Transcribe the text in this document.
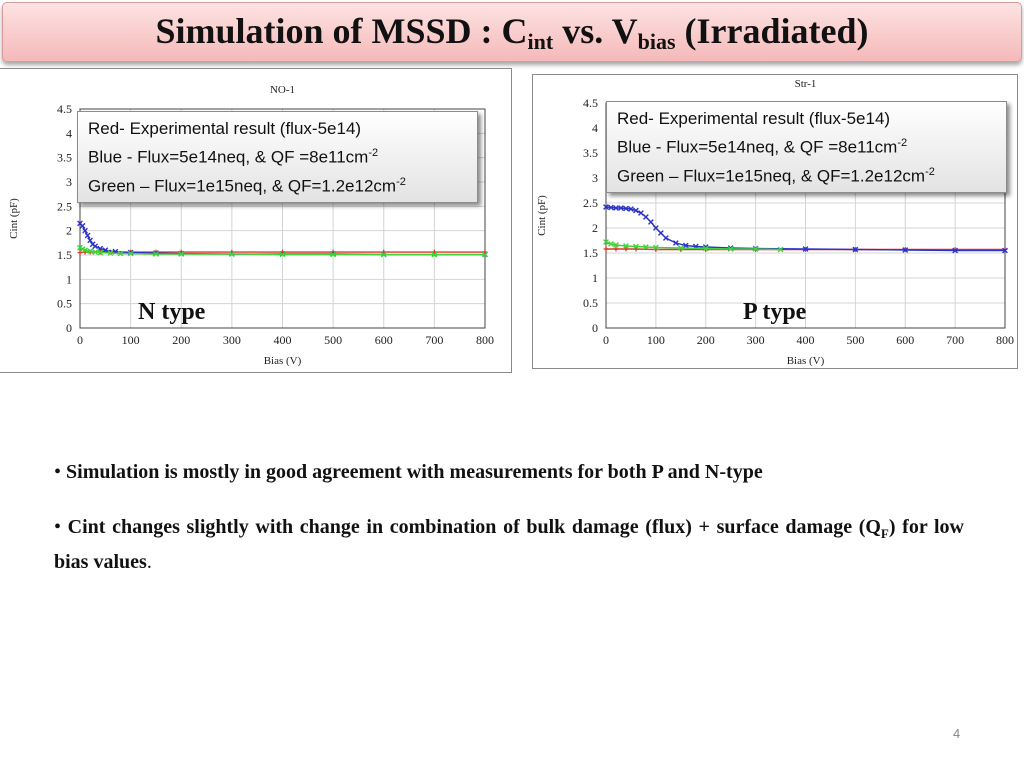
Simulation of MSSD : $C_{int}$ vs. $V_{bias}$ (Irradiated)
NO-1
0	100	200	300	400	500	600	700	800
0
0.5
1
1.5
2
2.5
3
3.5
4
4.5
Bias (V)
Cint (pF)
Str-1
0	100	200	300	400	500	600	700	800
0
0.5
1
1.5
2
2.5
3
3.5
4
4.5
Bias (V)
Cint (pF)
Red- Experimental result (flux-5e14)
Blue - Flux=5e14neq, & QF $=8e11cm^{-2}$
Green – Flux=1e15neq, & $QF=1.2e12cm^{-2}$
Red- Experimental result (flux-5e14)
Blue - Flux=5e14neq, & QF $=8e11cm^{-2}$
Green – Flux=1e15neq, & $QF=1.2e12cm^{-2}$
N type	P type

• Simulation is mostly in good agreement with measurements for both P and N-type

• Cint changes slightly with change in combination of bulk damage (flux) + surface damage $(Q_F)$ for low bias values.

4
